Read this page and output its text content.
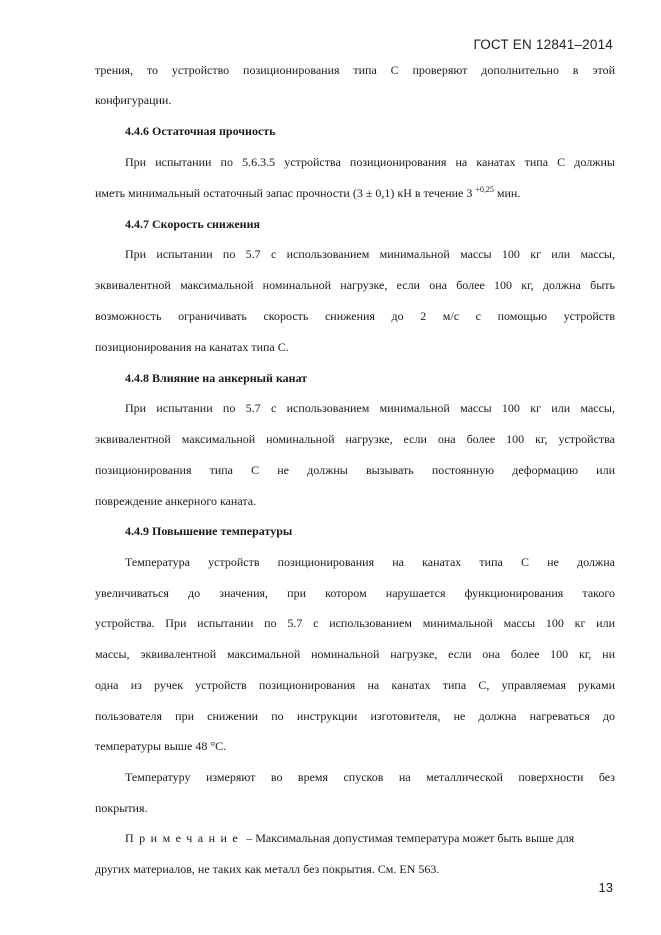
ГОСТ EN 12841–2014
трения, то устройство позиционирования типа С проверяют дополнительно в этой
конфигурации.
4.4.6 Остаточная прочность
При испытании по 5.6.3.5 устройства позиционирования на канатах типа С должны
иметь минимальный остаточный запас прочности (3 ± 0,1) кН в течение 3 $^{+0,25}$ мин.
4.4.7 Скорость снижения
При испытании по 5.7 с использованием минимальной массы 100 кг или массы,
эквивалентной максимальной номинальной нагрузке, если она более 100 кг, должна быть
возможность ограничивать скорость снижения до 2 м/с с помощью устройств
позиционирования на канатах типа С.
4.4.8 Влияние на анкерный канат
При испытании по 5.7 с использованием минимальной массы 100 кг или массы,
эквивалентной максимальной номинальной нагрузке, если она более 100 кг, устройства
позиционирования типа С не должны вызывать постоянную деформацию или
повреждение анкерного каната.
4.4.9 Повышение температуры
Температура устройств позиционирования на канатах типа С не должна
увеличиваться до значения, при котором нарушается функционирования такого
устройства. При испытании по 5.7 с использованием минимальной массы 100 кг или
массы, эквивалентной максимальной номинальной нагрузке, если она более 100 кг, ни
одна из ручек устройств позиционирования на канатах типа С, управляемая руками
пользователя при снижении по инструкции изготовителя, не должна нагреваться до
температуры выше 48 °С.
Температуру измеряют во время спусков на металлической поверхности без
покрытия.
Примечание – Максимальная допустимая температура может быть выше для
других материалов, не таких как металл без покрытия. См. EN 563.
13
